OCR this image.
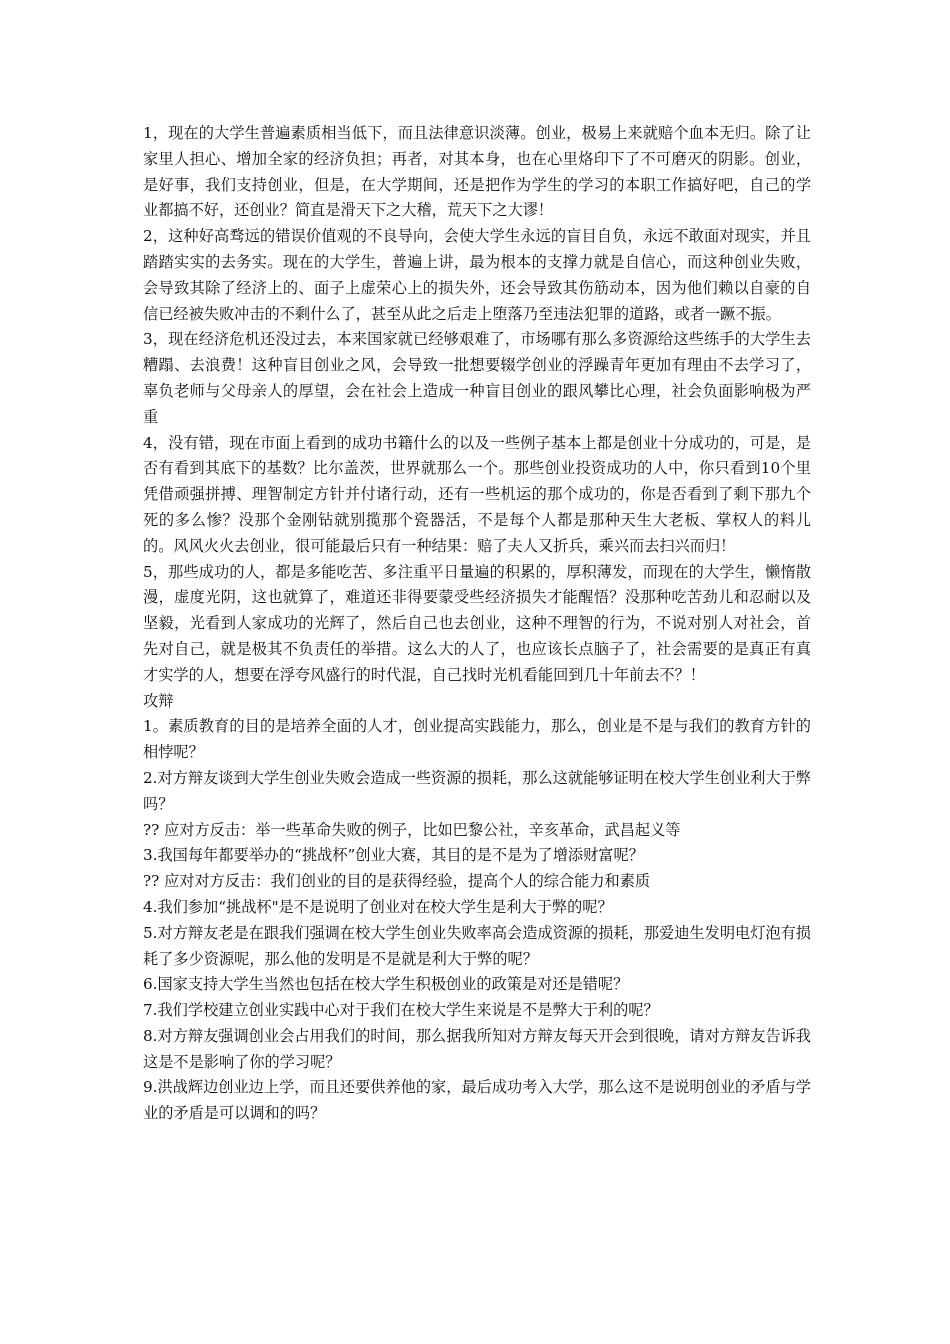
1，现在的大学生普遍素质相当低下，而且法律意识淡薄。创业，极易上来就赔个血本无归。除了让家里人担心、增加全家的经济负担；再者，对其本身，也在心里烙印下了不可磨灭的阴影。创业，是好事，我们支持创业，但是，在大学期间，还是把作为学生的学习的本职工作搞好吧，自己的学业都搞不好，还创业？简直是滑天下之大稽，荒天下之大谬！

2，这种好高骛远的错误价值观的不良导向，会使大学生永远的盲目自负，永远不敢面对现实，并且踏踏实实的去务实。现在的大学生，普遍上讲，最为根本的支撑力就是自信心，而这种创业失败，会导致其除了经济上的、面子上虚荣心上的损失外，还会导致其伤筋动本，因为他们赖以自豪的自信已经被失败冲击的不剩什么了，甚至从此之后走上堕落乃至违法犯罪的道路，或者一蹶不振。

3，现在经济危机还没过去，本来国家就已经够艰难了，市场哪有那么多资源给这些练手的大学生去糟蹋、去浪费！这种盲目创业之风，会导致一批想要辍学创业的浮躁青年更加有理由不去学习了，辜负老师与父母亲人的厚望，会在社会上造成一种盲目创业的跟风攀比心理，社会负面影响极为严重

4，没有错，现在市面上看到的成功书籍什么的以及一些例子基本上都是创业十分成功的，可是，是否有看到其底下的基数？比尔盖茨，世界就那么一个。那些创业投资成功的人中，你只看到10个里凭借顽强拼搏、理智制定方针并付诸行动，还有一些机运的那个成功的，你是否看到了剩下那九个死的多么惨？没那个金刚钻就别揽那个瓷器活，不是每个人都是那种天生大老板、掌权人的料儿的。风风火火去创业，很可能最后只有一种结果：赔了夫人又折兵，乘兴而去扫兴而归！

5，那些成功的人，都是多能吃苦、多注重平日量遍的积累的，厚积薄发，而现在的大学生，懒惰散漫，虚度光阴，这也就算了，难道还非得要蒙受些经济损失才能醒悟？没那种吃苦劲儿和忍耐以及坚毅，光看到人家成功的光辉了，然后自己也去创业，这种不理智的行为，不说对别人对社会，首先对自己，就是极其不负责任的举措。这么大的人了，也应该长点脑子了，社会需要的是真正有真才实学的人，想要在浮夸风盛行的时代混，自己找时光机看能回到几十年前去不？！

攻辩

1。素质教育的目的是培养全面的人才，创业提高实践能力，那么，创业是不是与我们的教育方针的相悖呢？

2.对方辩友谈到大学生创业失败会造成一些资源的损耗，那么这就能够证明在校大学生创业利大于弊吗？

?? 应对方反击：举一些革命失败的例子，比如巴黎公社，辛亥革命，武昌起义等

3.我国每年都要举办的“挑战杯”创业大赛，其目的是不是为了增添财富呢？

?? 应对对方反击：我们创业的目的是获得经验，提高个人的综合能力和素质

4.我们参加“挑战杯"是不是说明了创业对在校大学生是利大于弊的呢？

5.对方辩友老是在跟我们强调在校大学生创业失败率高会造成资源的损耗，那爱迪生发明电灯泡有损耗了多少资源呢，那么他的发明是不是就是利大于弊的呢？

6.国家支持大学生当然也包括在校大学生积极创业的政策是对还是错呢？

7.我们学校建立创业实践中心对于我们在校大学生来说是不是弊大于利的呢？

8.对方辩友强调创业会占用我们的时间，那么据我所知对方辩友每天开会到很晚，请对方辩友告诉我这是不是影响了你的学习呢？

9.洪战辉边创业边上学，而且还要供养他的家，最后成功考入大学，那么这不是说明创业的矛盾与学业的矛盾是可以调和的吗？
